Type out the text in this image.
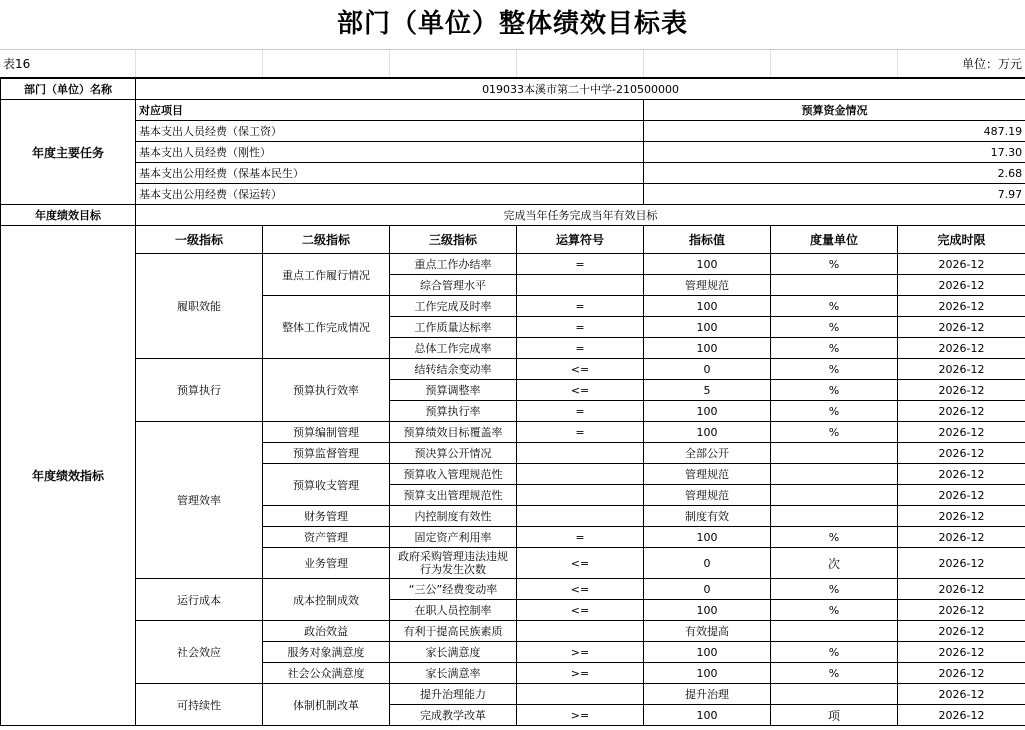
部门（单位）整体绩效目标表
表16							单位：万元
部门（单位）名称	019033本溪市第二十中学-210500000						
年度主要任务	对应项目				预算资金情况		
	基本支出人员经费（保工资）				487.19		
	基本支出人员经费（刚性）				17.30		
	基本支出公用经费（保基本民生）				2.68		
	基本支出公用经费（保运转）				7.97		
年度绩效目标	完成当年任务完成当年有效目标						
年度绩效指标	一级指标	二级指标	三级指标	运算符号	指标值	度量单位	完成时限
	履职效能	重点工作履行情况	重点工作办结率	=	100	%	2026-12
			综合管理水平		管理规范		2026-12
		整体工作完成情况	工作完成及时率	=	100	%	2026-12
			工作质量达标率	=	100	%	2026-12
			总体工作完成率	=	100	%	2026-12
	预算执行	预算执行效率	结转结余变动率	<=	0	%	2026-12
			预算调整率	<=	5	%	2026-12
			预算执行率	=	100	%	2026-12
	管理效率	预算编制管理	预算绩效目标覆盖率	=	100	%	2026-12
		预算监督管理	预决算公开情况		全部公开		2026-12
		预算收支管理	预算收入管理规范性		管理规范		2026-12
			预算支出管理规范性		管理规范		2026-12
		财务管理	内控制度有效性		制度有效		2026-12
		资产管理	固定资产利用率	=	100	%	2026-12
		业务管理	政府采购管理违法违规行为发生次数	<=	0	次	2026-12
	运行成本	成本控制成效	“三公”经费变动率	<=	0	%	2026-12
			在职人员控制率	<=	100	%	2026-12
	社会效应	政治效益	有利于提高民族素质		有效提高		2026-12
		服务对象满意度	家长满意度	>=	100	%	2026-12
		社会公众满意度	家长满意率	>=	100	%	2026-12
	可持续性	体制机制改革	提升治理能力		提升治理		2026-12
			完成教学改革	>=	100	项	2026-12
